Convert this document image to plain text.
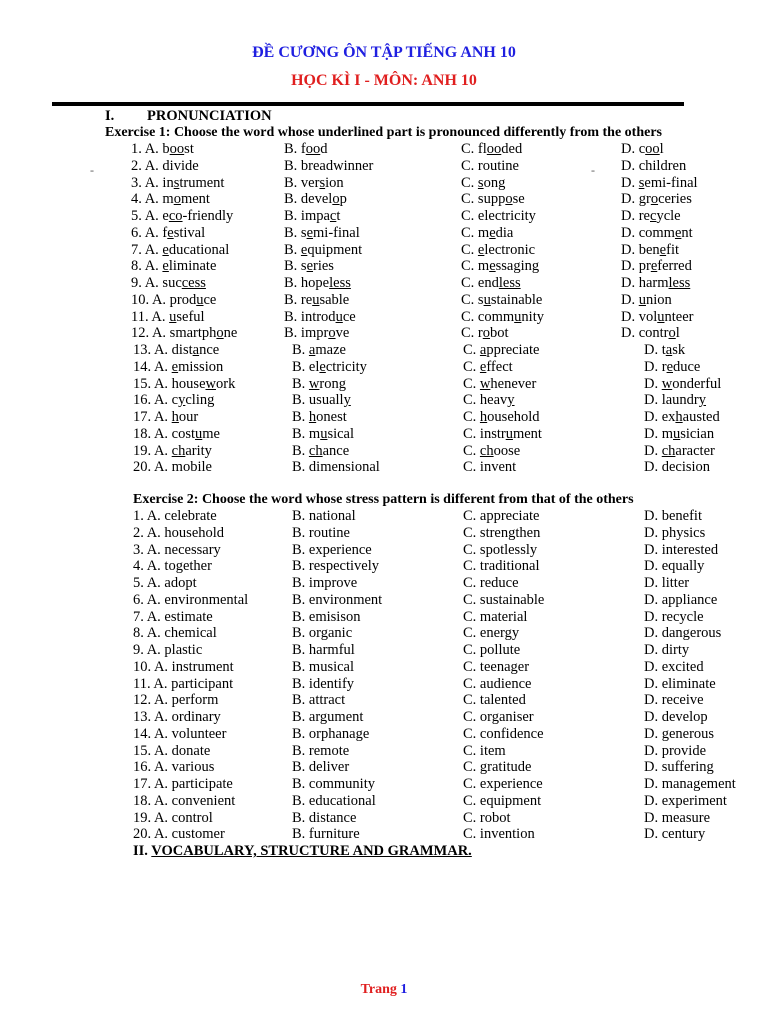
ĐỀ CƯƠNG ÔN TẬP TIẾNG ANH 10
HỌC KÌ I - MÔN: ANH 10
I. PRONUNCIATION
Exercise 1: Choose the word whose underlined part is pronounced differently from the others
1. A. boost	B. food	C. flooded	D. cool
2. A. divide	B. breadwinner	C. routine	D. children
3. A. instrument	B. version	C. song	D. semi-final
4. A. moment	B. develop	C. suppose	D. groceries
5. A. eco-friendly	B. impact	C. electricity	D. recycle
6. A. festival	B. semi-final	C. media	D. comment
7. A. educational	B. equipment	C. electronic	D. benefit
8. A. eliminate	B. series	C. messaging	D. preferred
9. A. success	B. hopeless	C. endless	D. harmless
10. A. produce	B. reusable	C. sustainable	D. union
11. A. useful	B. introduce	C. community	D. volunteer
12. A. smartphone	B. improve	C. robot	D. control
13. A. distance	B. amaze	C. appreciate	D. task
14. A. emission	B. electricity	C. effect	D. reduce
15. A. housework	B. wrong	C. whenever	D. wonderful
16. A. cycling	B. usually	C. heavy	D. laundry
17. A. hour	B. honest	C. household	D. exhausted
18. A. costume	B. musical	C. instrument	D. musician
19. A. charity	B. chance	C. choose	D. character
20. A. mobile	B. dimensional	C. invent	D. decision
-	-
Exercise 2: Choose the word whose stress pattern is different from that of the others
1. A. celebrate	B. national	C. appreciate	D. benefit
2. A. household	B. routine	C. strengthen	D. physics
3. A. necessary	B. experience	C. spotlessly	D. interested
4. A. together	B. respectively	C. traditional	D. equally
5. A. adopt	B. improve	C. reduce	D. litter
6. A. environmental	B. environment	C. sustainable	D. appliance
7. A. estimate	B. emisison	C. material	D. recycle
8. A. chemical	B. organic	C. energy	D. dangerous
9. A. plastic	B. harmful	C. pollute	D. dirty
10. A. instrument	B. musical	C. teenager	D. excited
11. A. participant	B. identify	C. audience	D. eliminate
12. A. perform	B. attract	C. talented	D. receive
13. A. ordinary	B. argument	C. organiser	D. develop
14. A. volunteer	B. orphanage	C. confidence	D. generous
15. A. donate	B. remote	C. item	D. provide
16. A. various	B. deliver	C. gratitude	D. suffering
17. A. participate	B. community	C. experience	D. management
18. A. convenient	B. educational	C. equipment	D. experiment
19. A. control	B. distance	C. robot	D. measure
20. A. customer	B. furniture	C. invention	D. century
II. VOCABULARY, STRUCTURE AND GRAMMAR.
Trang 1
